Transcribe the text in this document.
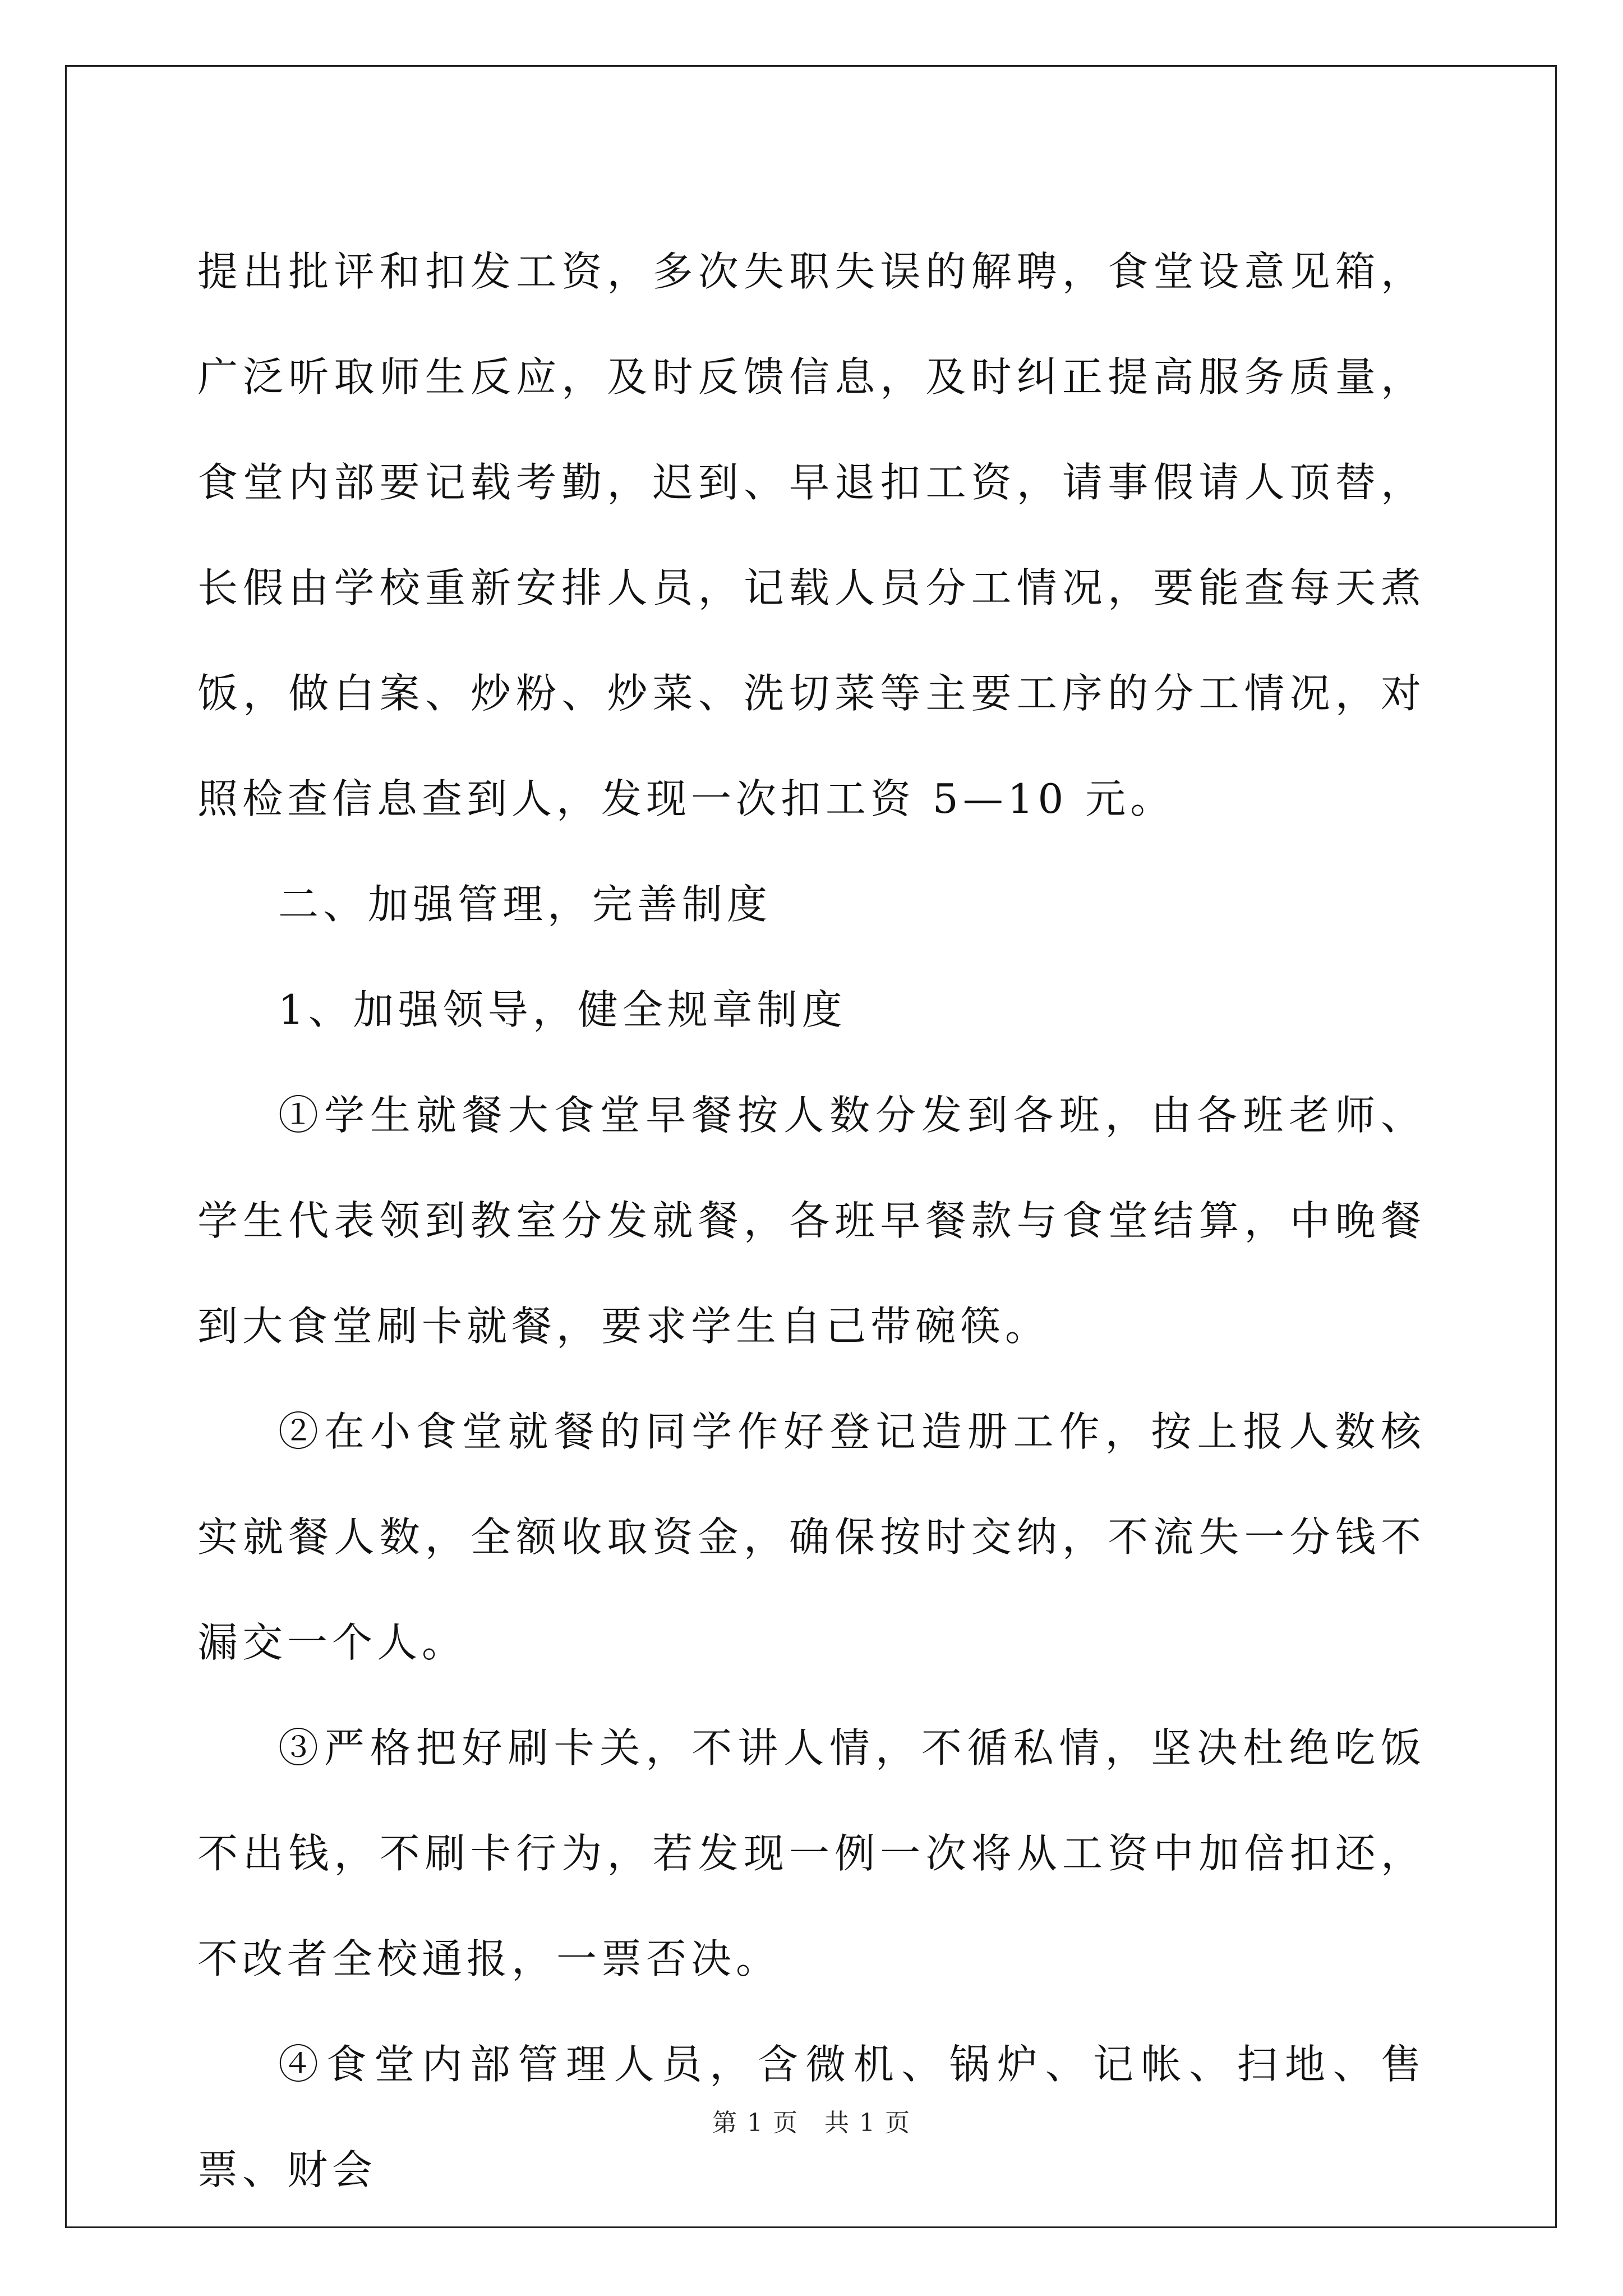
提出批评和扣发工资，多次失职失误的解聘，食堂设意见箱，广泛听取师生反应，及时反馈信息，及时纠正提高服务质量，食堂内部要记载考勤，迟到、早退扣工资，请事假请人顶替，长假由学校重新安排人员，记载人员分工情况，要能查每天煮饭，做白案、炒粉、炒菜、洗切菜等主要工序的分工情况，对照检查信息查到人，发现一次扣工资 5—10 元。

二、加强管理，完善制度

1、加强领导，健全规章制度

①学生就餐大食堂早餐按人数分发到各班，由各班老师、学生代表领到教室分发就餐，各班早餐款与食堂结算，中晚餐到大食堂刷卡就餐，要求学生自己带碗筷。

②在小食堂就餐的同学作好登记造册工作，按上报人数核实就餐人数，全额收取资金，确保按时交纳，不流失一分钱不漏交一个人。

③严格把好刷卡关，不讲人情，不循私情，坚决杜绝吃饭不出钱，不刷卡行为，若发现一例一次将从工资中加倍扣还，不改者全校通报，一票否决。

④食堂内部管理人员，含微机、锅炉、记帐、扫地、售票、财会

第 1 页　共 1 页
